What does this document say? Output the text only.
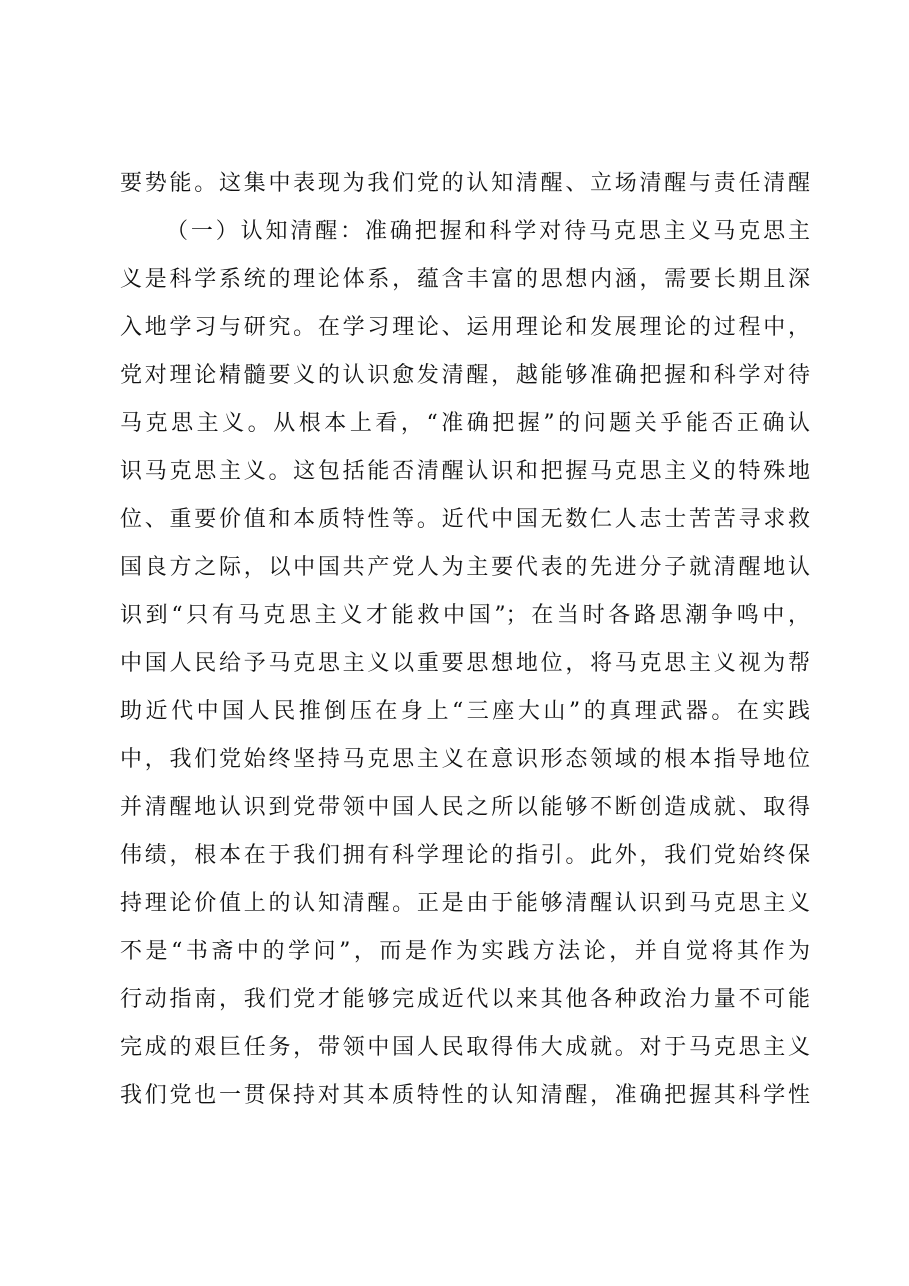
要势能。这集中表现为我们党的认知清醒、立场清醒与责任清醒
（一）认知清醒：准确把握和科学对待马克思主义马克思主
义是科学系统的理论体系，蕴含丰富的思想内涵，需要长期且深
入地学习与研究。在学习理论、运用理论和发展理论的过程中，
党对理论精髓要义的认识愈发清醒，越能够准确把握和科学对待
马克思主义。从根本上看，“准确把握”的问题关乎能否正确认
识马克思主义。这包括能否清醒认识和把握马克思主义的特殊地
位、重要价值和本质特性等。近代中国无数仁人志士苦苦寻求救
国良方之际，以中国共产党人为主要代表的先进分子就清醒地认
识到“只有马克思主义才能救中国”；在当时各路思潮争鸣中，
中国人民给予马克思主义以重要思想地位，将马克思主义视为帮
助近代中国人民推倒压在身上“三座大山”的真理武器。在实践
中，我们党始终坚持马克思主义在意识形态领域的根本指导地位
并清醒地认识到党带领中国人民之所以能够不断创造成就、取得
伟绩，根本在于我们拥有科学理论的指引。此外，我们党始终保
持理论价值上的认知清醒。正是由于能够清醒认识到马克思主义
不是“书斋中的学问”，而是作为实践方法论，并自觉将其作为
行动指南，我们党才能够完成近代以来其他各种政治力量不可能
完成的艰巨任务，带领中国人民取得伟大成就。对于马克思主义
我们党也一贯保持对其本质特性的认知清醒，准确把握其科学性
